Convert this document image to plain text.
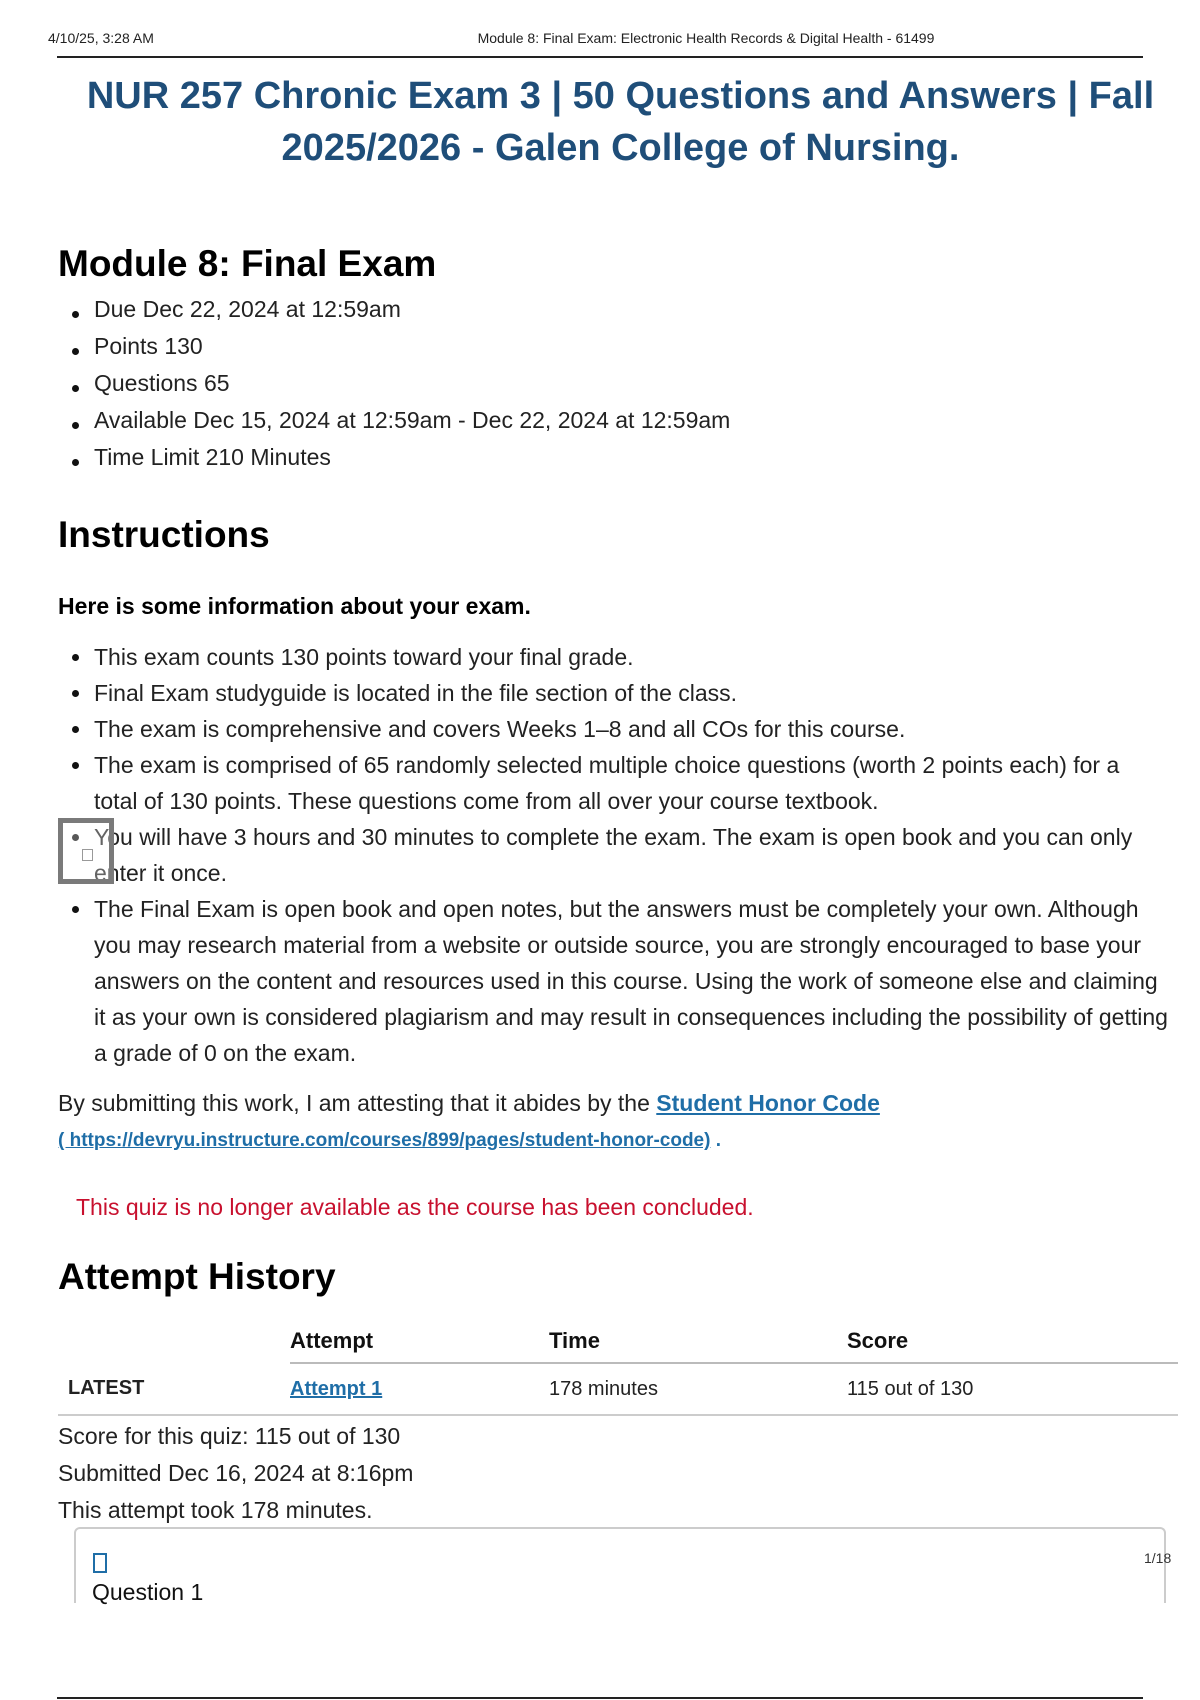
4/10/25, 3:28 AM	Module 8: Final Exam: Electronic Health Records & Digital Health - 61499
NUR 257 Chronic Exam 3 | 50 Questions and Answers | Fall
2025/2026 - Galen College of Nursing.
Module 8: Final Exam
Due Dec 22, 2024 at 12:59am
Points 130
Questions 65
Available Dec 15, 2024 at 12:59am - Dec 22, 2024 at 12:59am
Time Limit 210 Minutes
Instructions
Here is some information about your exam.
This exam counts 130 points toward your final grade.
Final Exam studyguide is located in the file section of the class.
The exam is comprehensive and covers Weeks 1–8 and all COs for this course.
The exam is comprised of 65 randomly selected multiple choice questions (worth 2 points each) for a total of 130 points. These questions come from all over your course textbook.
You will have 3 hours and 30 minutes to complete the exam. The exam is open book and you can only enter it once.
The Final Exam is open book and open notes, but the answers must be completely your own. Although you may research material from a website or outside source, you are strongly encouraged to base your answers on the content and resources used in this course. Using the work of someone else and claiming it as your own is considered plagiarism and may result in consequences including the possibility of getting a grade of 0 on the exam.
By submitting this work, I am attesting that it abides by the Student Honor Code
( https://devryu.instructure.com/courses/899/pages/student-honor-code) .
This quiz is no longer available as the course has been concluded.
Attempt History
	Attempt	Time	Score
LATEST	Attempt 1	178 minutes	115 out of 130
Score for this quiz: 115 out of 130
Submitted Dec 16, 2024 at 8:16pm
This attempt took 178 minutes.
Question 1
1/18
